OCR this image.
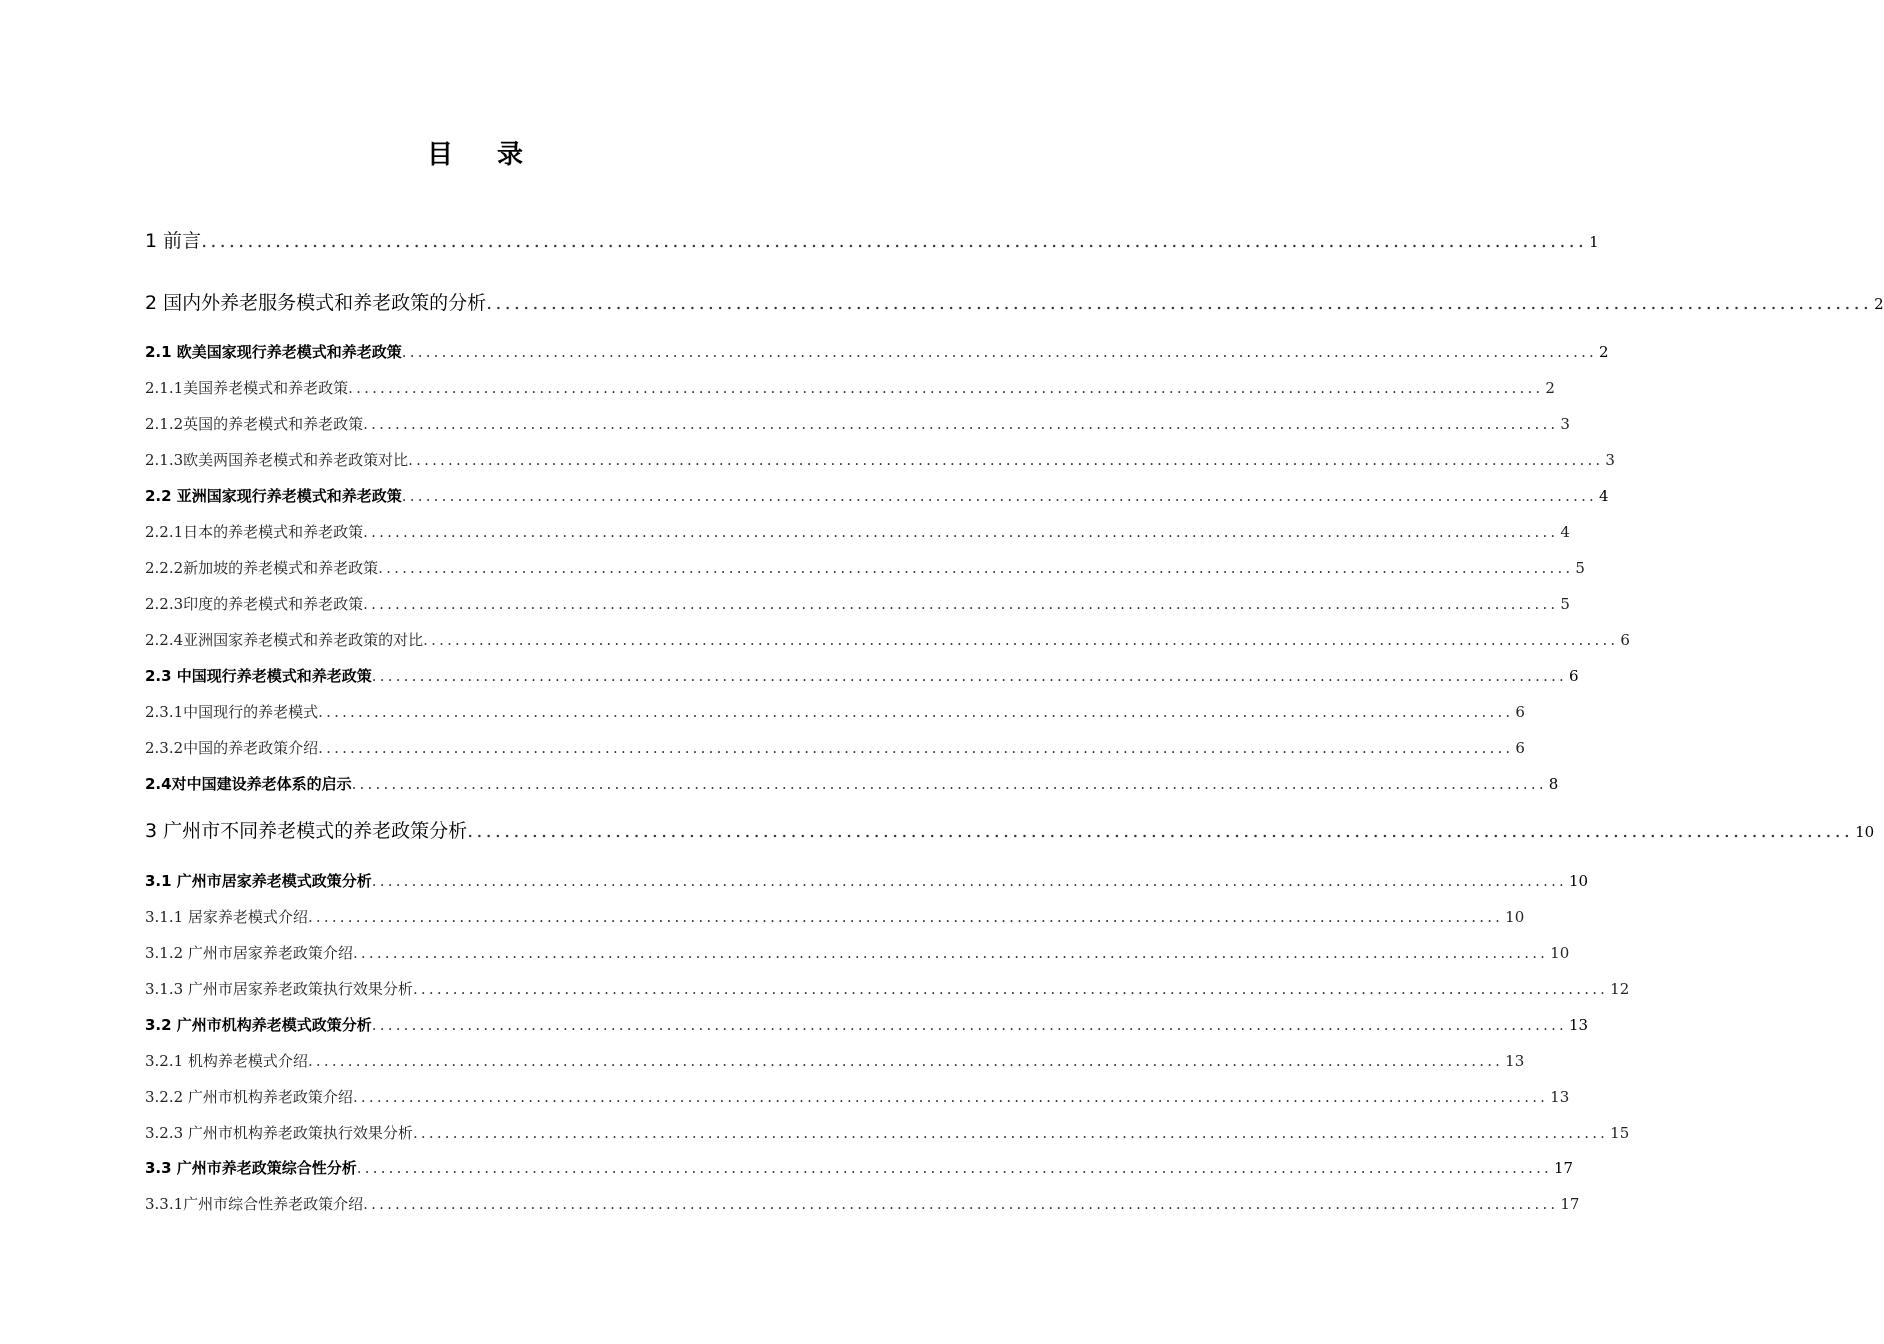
目 录
1 前言 ...................................................................................................................................................... 1
2 国内外养老服务模式和养老政策的分析 ...................................................................................................................................................... 2
2.1 欧美国家现行养老模式和养老政策 ...................................................................................................................................................... 2
2.1.1美国养老模式和养老政策 ...................................................................................................................................................... 2
2.1.2英国的养老模式和养老政策 ...................................................................................................................................................... 3
2.1.3欧美两国养老模式和养老政策对比 ...................................................................................................................................................... 3
2.2 亚洲国家现行养老模式和养老政策 ...................................................................................................................................................... 4
2.2.1日本的养老模式和养老政策 ...................................................................................................................................................... 4
2.2.2新加坡的养老模式和养老政策 ...................................................................................................................................................... 5
2.2.3印度的养老模式和养老政策 ...................................................................................................................................................... 5
2.2.4亚洲国家养老模式和养老政策的对比 ...................................................................................................................................................... 6
2.3 中国现行养老模式和养老政策 ...................................................................................................................................................... 6
2.3.1中国现行的养老模式 ...................................................................................................................................................... 6
2.3.2中国的养老政策介绍 ...................................................................................................................................................... 6
2.4对中国建设养老体系的启示 ...................................................................................................................................................... 8
3 广州市不同养老模式的养老政策分析 ...................................................................................................................................................... 10
3.1 广州市居家养老模式政策分析 ...................................................................................................................................................... 10
3.1.1 居家养老模式介绍 ...................................................................................................................................................... 10
3.1.2 广州市居家养老政策介绍 ...................................................................................................................................................... 10
3.1.3 广州市居家养老政策执行效果分析 ...................................................................................................................................................... 12
3.2 广州市机构养老模式政策分析 ...................................................................................................................................................... 13
3.2.1 机构养老模式介绍 ...................................................................................................................................................... 13
3.2.2 广州市机构养老政策介绍 ...................................................................................................................................................... 13
3.2.3 广州市机构养老政策执行效果分析 ...................................................................................................................................................... 15
3.3 广州市养老政策综合性分析 ...................................................................................................................................................... 17
3.3.1广州市综合性养老政策介绍 ...................................................................................................................................................... 17
